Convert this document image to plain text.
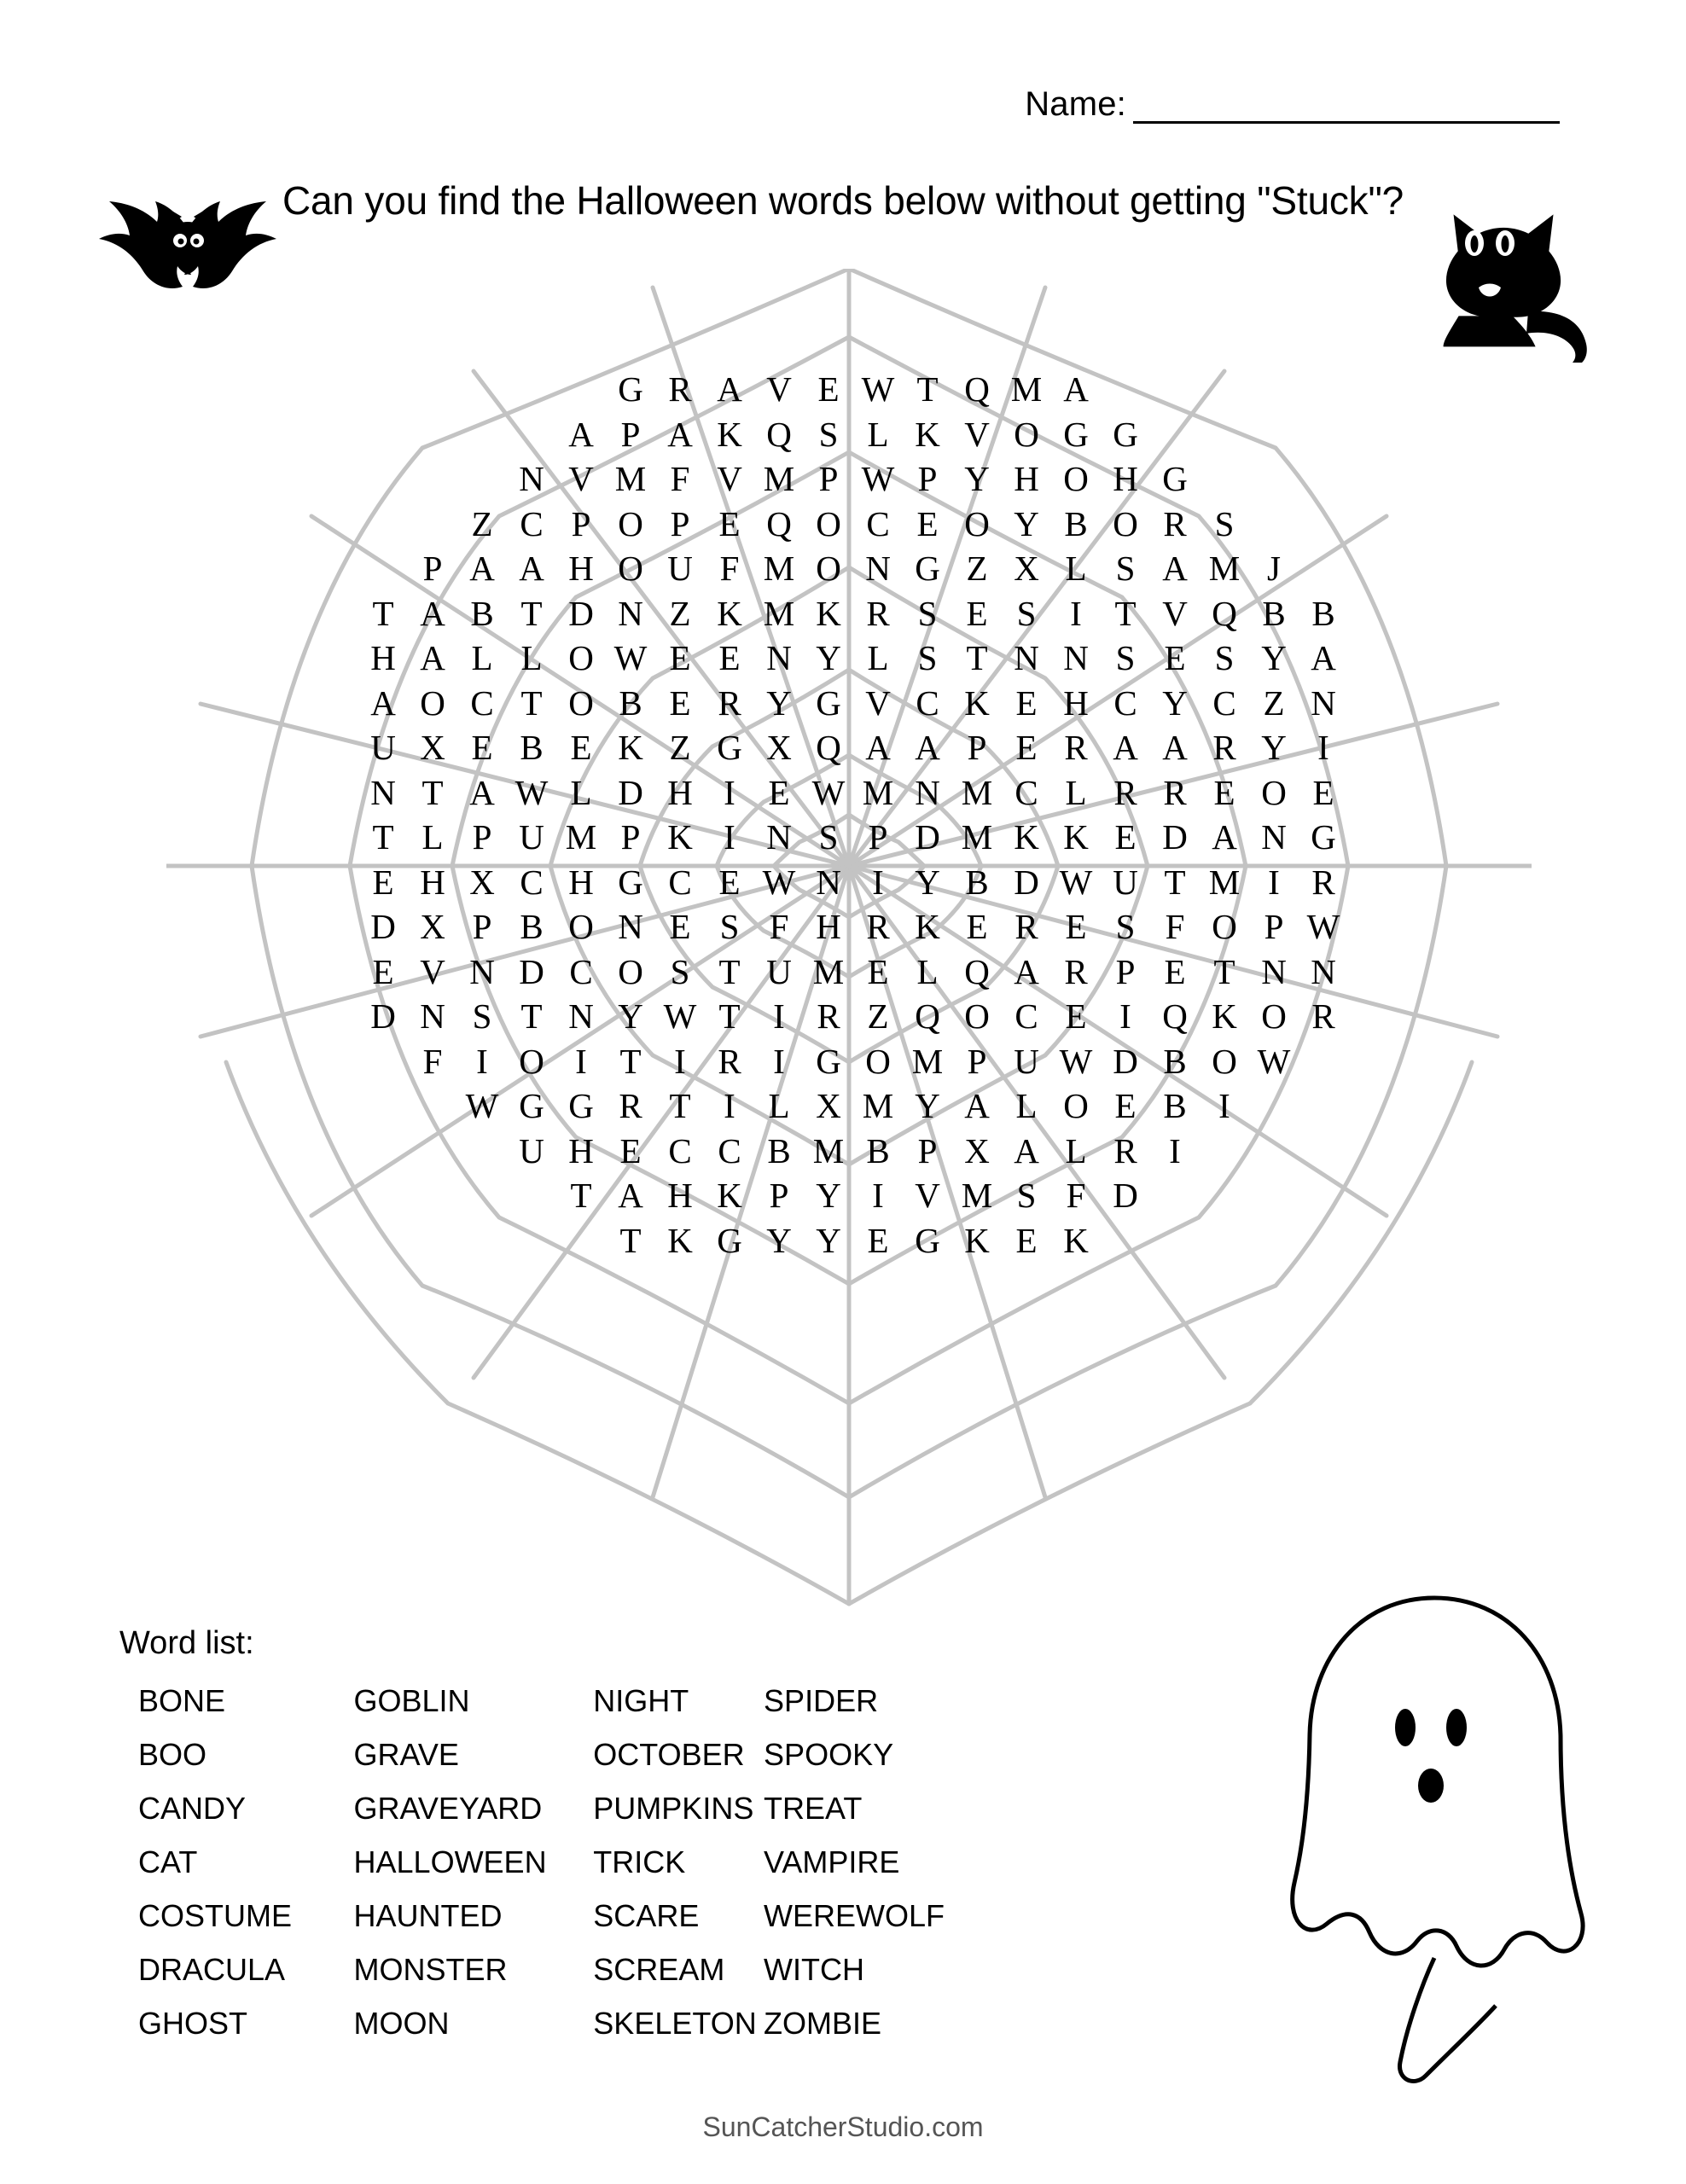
Name:
Can you find the Halloween words below without getting "Stuck"?
G R A V E W T Q M A
A P A K Q S L K V O G G
N V M F V M P W P Y H O H G
Z C P O P E Q O C E O Y B O R S
P A A H O U F M O N G Z X L S A M J
T A B T D N Z K M K R S E S I T V Q B B
H A L L O W E E N Y L S T N N S E S Y A
A O C T O B E R Y G V C K E H C Y C Z N
U X E B E K Z G X Q A A P E R A A R Y I
N T A W L D H I E W M N M C L R R E O E
T L P U M P K I N S P D M K K E D A N G
E H X C H G C E W N I Y B D W U T M I R
D X P B O N E S F H R K E R E S F O P W
E V N D C O S T U M E L Q A R P E T N N
D N S T N Y W T I R Z Q O C E I Q K O R
F I O I T I R I G O M P U W D B O W
W G G R T I L X M Y A L O E B I
U H E C C B M B P X A L R I
T A H K P Y I V M S F D
T K G Y Y E G K E K
Word list:
BONE
BOO
CANDY
CAT
COSTUME
DRACULA
GHOST
GOBLIN
GRAVE
GRAVEYARD
HALLOWEEN
HAUNTED
MONSTER
MOON
NIGHT
OCTOBER
PUMPKINS
TRICK
SCARE
SCREAM
SKELETON
SPIDER
SPOOKY
TREAT
VAMPIRE
WEREWOLF
WITCH
ZOMBIE
SunCatcherStudio.com
